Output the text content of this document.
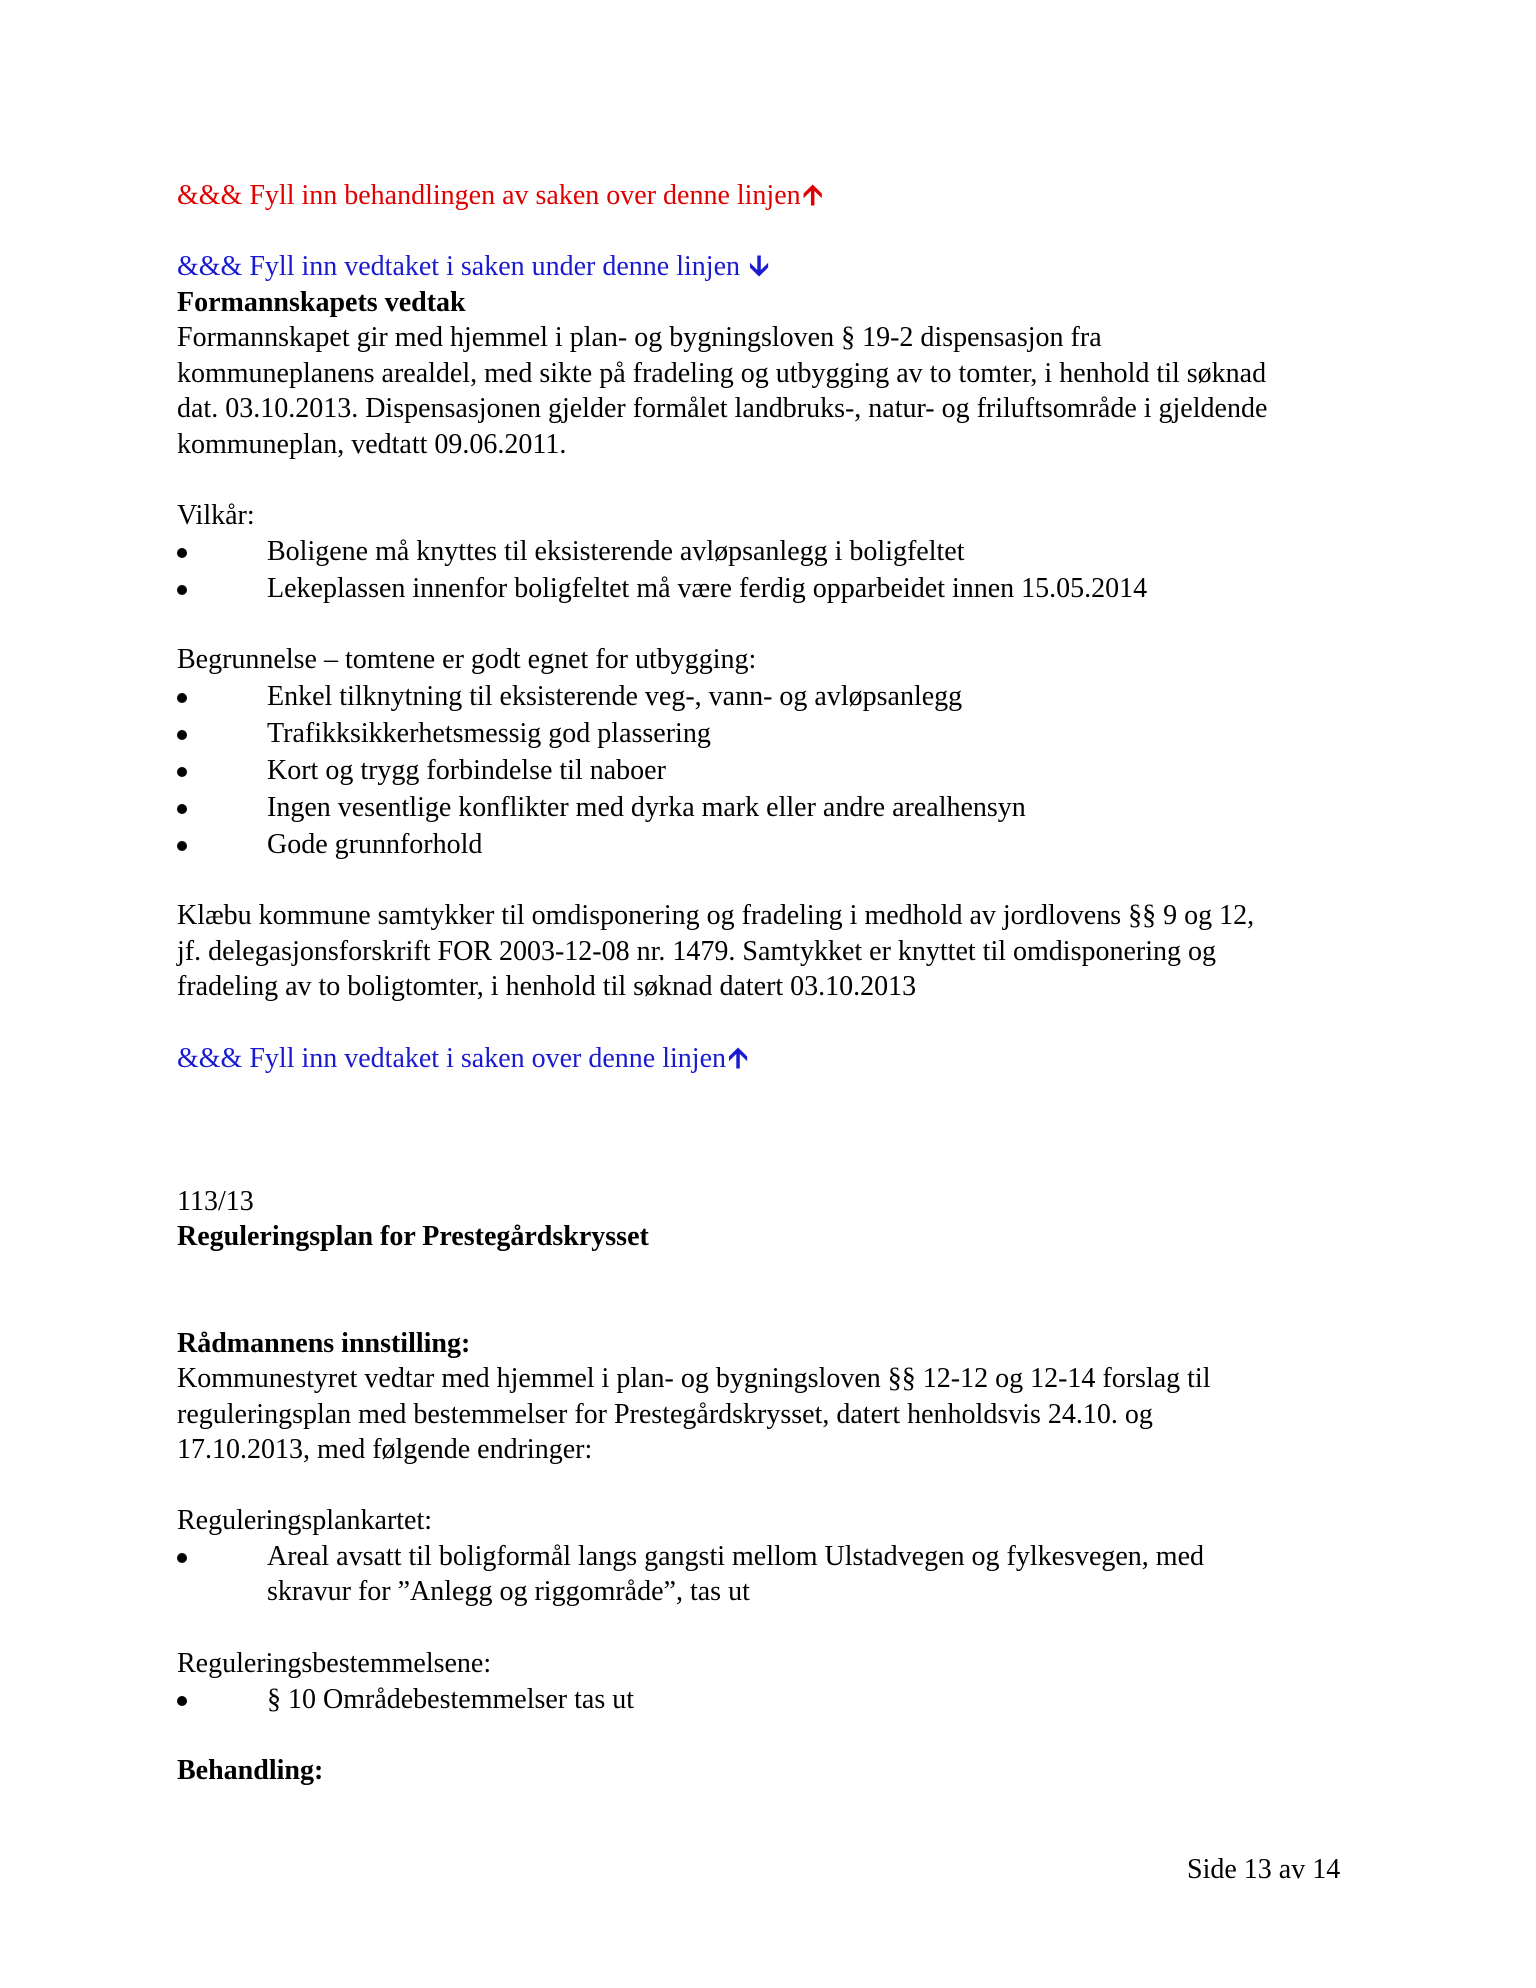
&&& Fyll inn behandlingen av saken over denne linjen🡩
&&& Fyll inn vedtaket i saken under denne linjen 🡫
Formannskapets vedtak
Formannskapet gir med hjemmel i plan- og bygningsloven § 19-2 dispensasjon fra
kommuneplanens arealdel, med sikte på fradeling og utbygging av to tomter, i henhold til søknad
dat. 03.10.2013. Dispensasjonen gjelder formålet landbruks-, natur- og friluftsområde i gjeldende
kommuneplan, vedtatt 09.06.2011.
Vilkår:
Boligene må knyttes til eksisterende avløpsanlegg i boligfeltet
Lekeplassen innenfor boligfeltet må være ferdig opparbeidet innen 15.05.2014
Begrunnelse – tomtene er godt egnet for utbygging:
Enkel tilknytning til eksisterende veg-, vann- og avløpsanlegg
Trafikksikkerhetsmessig god plassering
Kort og trygg forbindelse til naboer
Ingen vesentlige konflikter med dyrka mark eller andre arealhensyn
Gode grunnforhold
Klæbu kommune samtykker til omdisponering og fradeling i medhold av jordlovens §§ 9 og 12,
jf. delegasjonsforskrift FOR 2003-12-08 nr. 1479. Samtykket er knyttet til omdisponering og
fradeling av to boligtomter, i henhold til søknad datert 03.10.2013
&&& Fyll inn vedtaket i saken over denne linjen🡩
113/13
Reguleringsplan for Prestegårdskrysset
Rådmannens innstilling:
Kommunestyret vedtar med hjemmel i plan- og bygningsloven §§ 12-12 og 12-14 forslag til
reguleringsplan med bestemmelser for Prestegårdskrysset, datert henholdsvis 24.10. og
17.10.2013, med følgende endringer:
Reguleringsplankartet:
Areal avsatt til boligformål langs gangsti mellom Ulstadvegen og fylkesvegen, med
skravur for ”Anlegg og riggområde”, tas ut
Reguleringsbestemmelsene:
§ 10 Områdebestemmelser tas ut
Behandling:
Side 13 av 14
